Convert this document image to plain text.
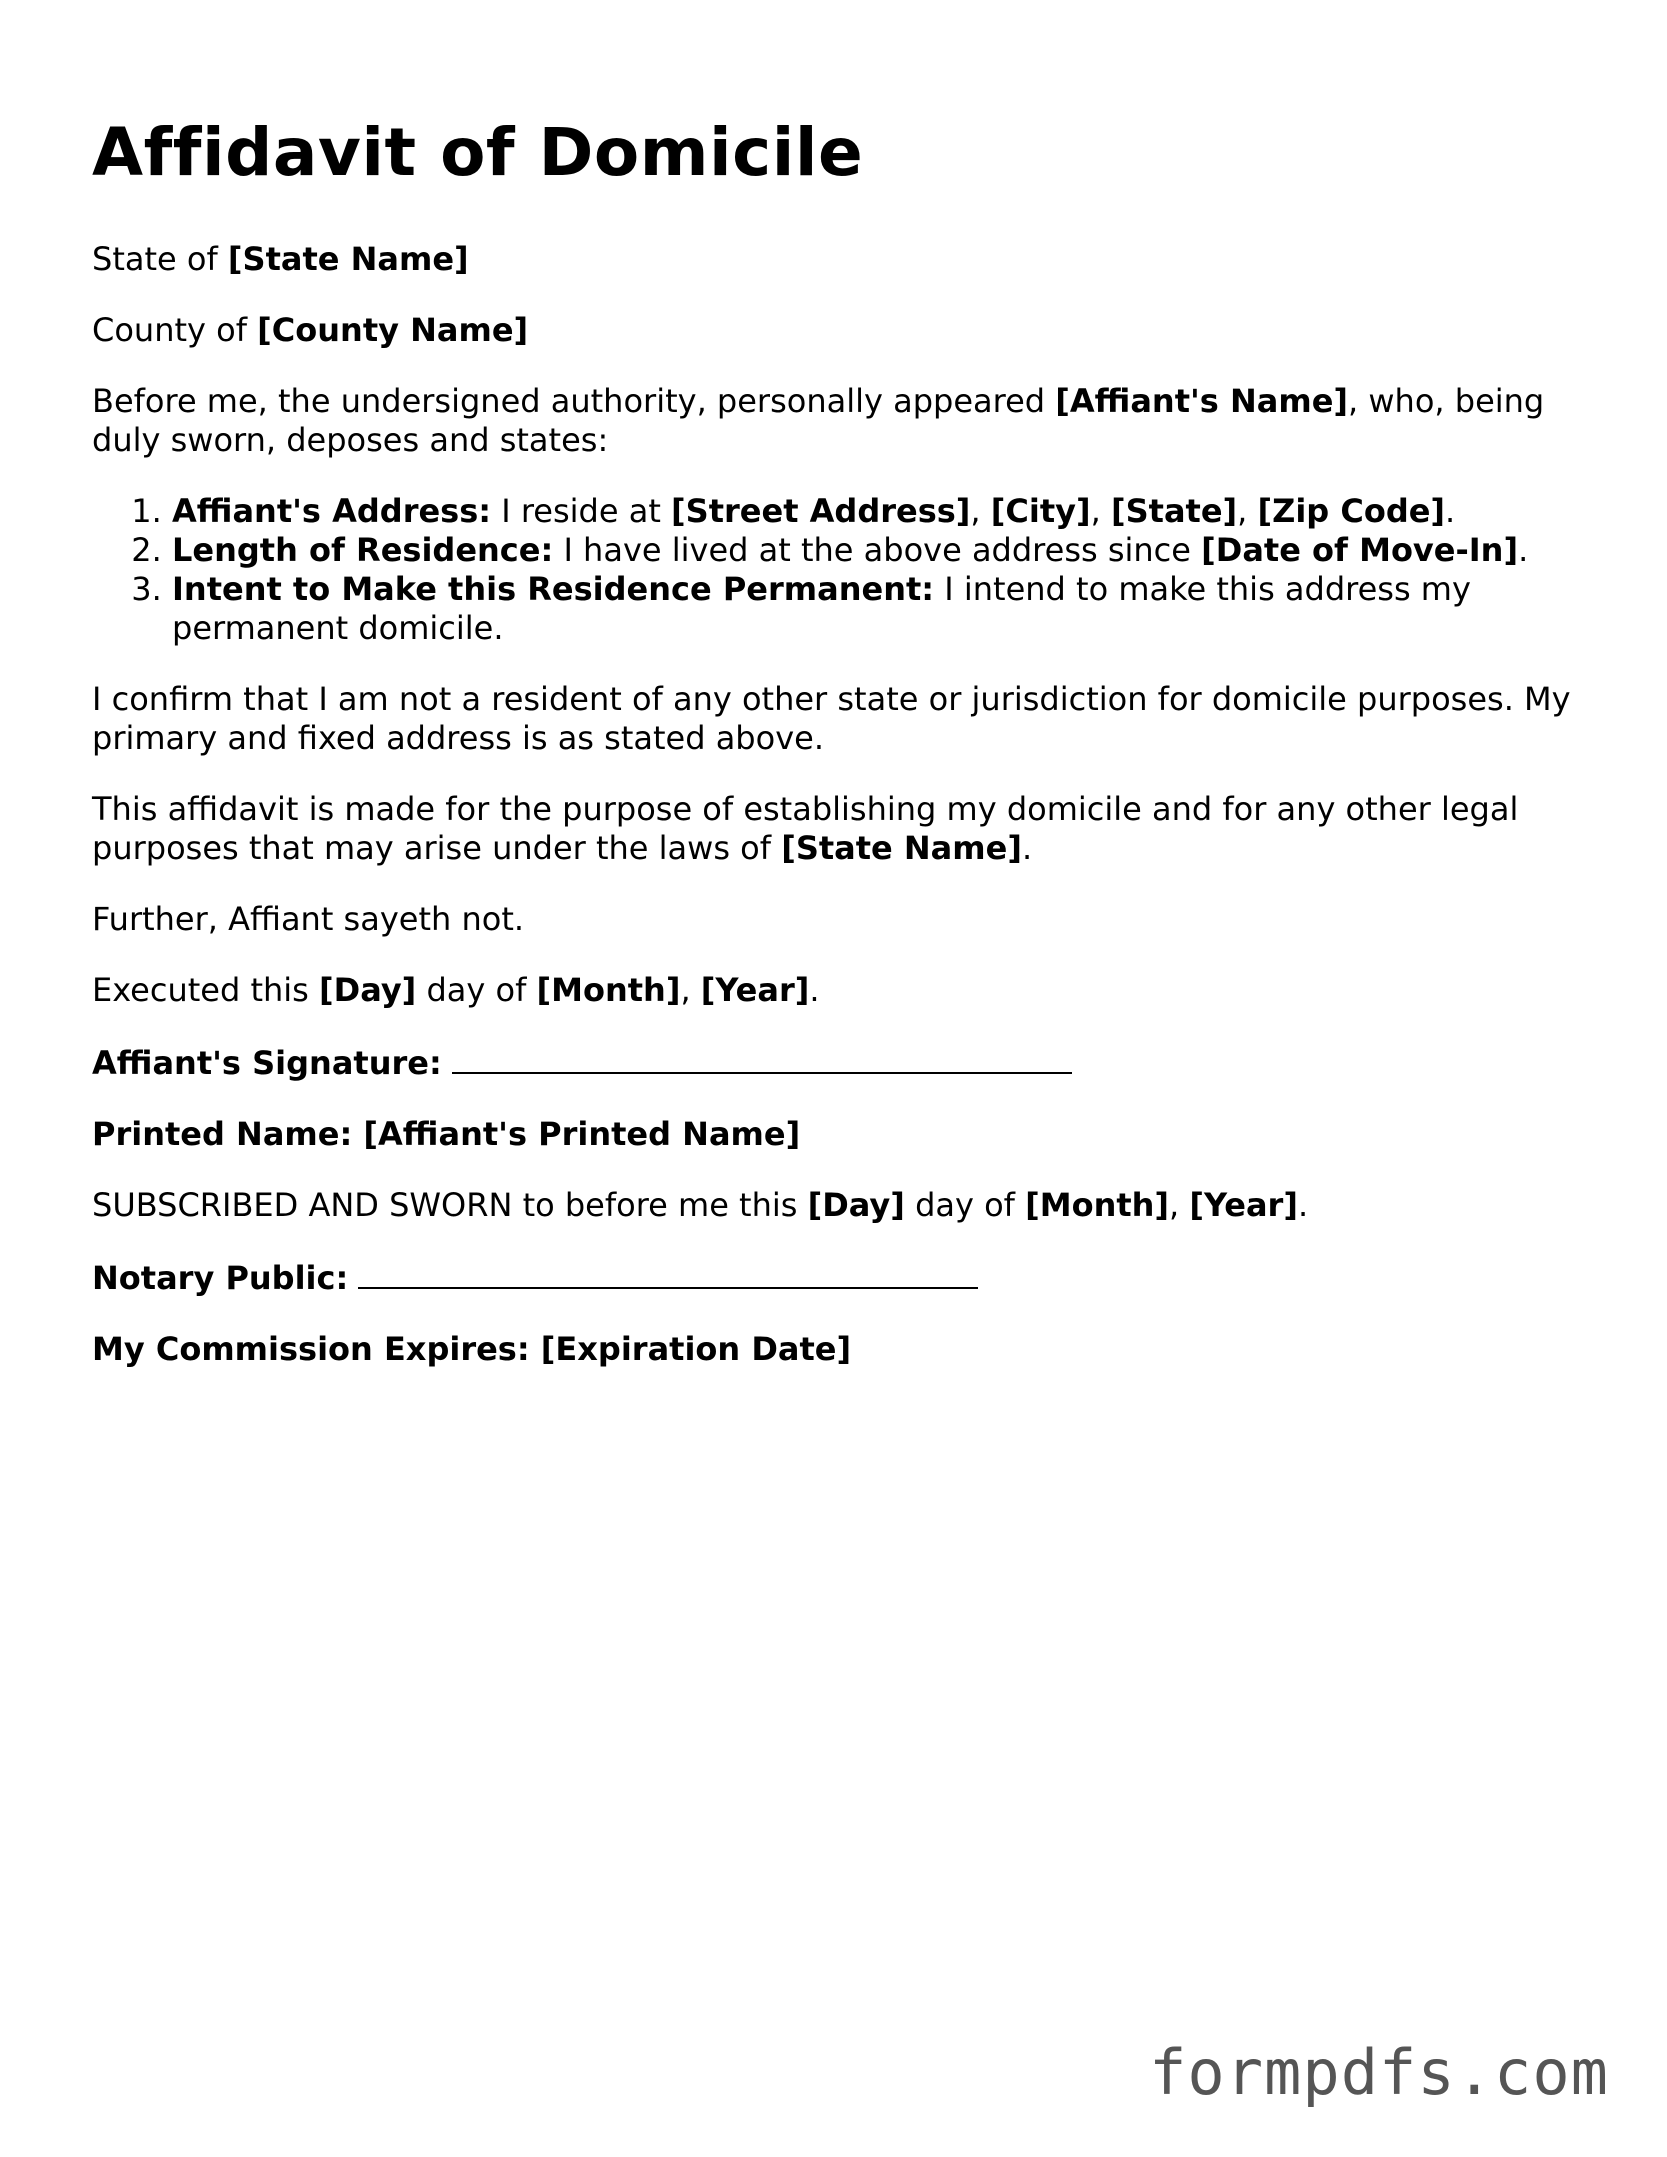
Affidavit of Domicile

State of [State Name]

County of [County Name]

Before me, the undersigned authority, personally appeared [Affiant's Name], who, being duly sworn, deposes and states:

1. Affiant's Address: I reside at [Street Address], [City], [State], [Zip Code].
2. Length of Residence: I have lived at the above address since [Date of Move-In].
3. Intent to Make this Residence Permanent: I intend to make this address my permanent domicile.

I confirm that I am not a resident of any other state or jurisdiction for domicile purposes. My primary and fixed address is as stated above.

This affidavit is made for the purpose of establishing my domicile and for any other legal purposes that may arise under the laws of [State Name].

Further, Affiant sayeth not.

Executed this [Day] day of [Month], [Year].

Affiant's Signature:

Printed Name: [Affiant's Printed Name]

SUBSCRIBED AND SWORN to before me this [Day] day of [Month], [Year].

Notary Public:

My Commission Expires: [Expiration Date]

formpdfs.com
